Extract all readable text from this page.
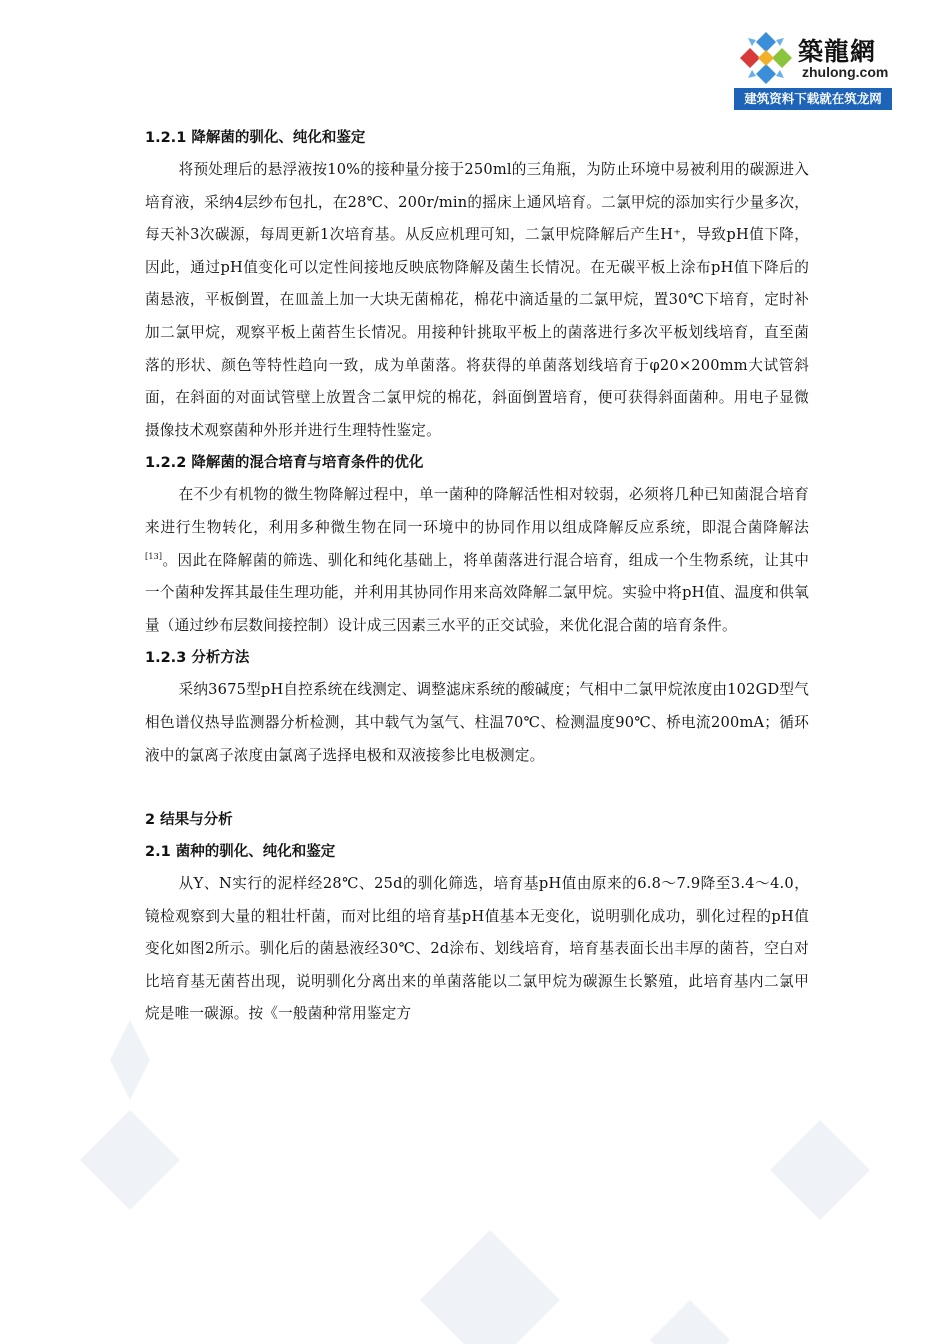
築龍網
zhulong.com
建筑资料下载就在筑龙网
1.2.1 降解菌的驯化、纯化和鉴定

将预处理后的悬浮液按10%的接种量分接于250ml的三角瓶，为防止环境中易被利用的碳源进入培育液，采纳4层纱布包扎，在28℃、200r/min的摇床上通风培育。二氯甲烷的添加实行少量多次，每天补3次碳源，每周更新1次培育基。从反应机理可知，二氯甲烷降解后产生H⁺，导致pH值下降，因此，通过pH值变化可以定性间接地反映底物降解及菌生长情况。在无碳平板上涂布pH值下降后的菌悬液，平板倒置，在皿盖上加一大块无菌棉花，棉花中滴适量的二氯甲烷，置30℃下培育，定时补加二氯甲烷，观察平板上菌苔生长情况。用接种针挑取平板上的菌落进行多次平板划线培育，直至菌落的形状、颜色等特性趋向一致，成为单菌落。将获得的单菌落划线培育于φ20×200mm大试管斜面，在斜面的对面试管壁上放置含二氯甲烷的棉花，斜面倒置培育，便可获得斜面菌种。用电子显微摄像技术观察菌种外形并进行生理特性鉴定。

1.2.2 降解菌的混合培育与培育条件的优化

在不少有机物的微生物降解过程中，单一菌种的降解活性相对较弱，必须将几种已知菌混合培育来进行生物转化，利用多种微生物在同一环境中的协同作用以组成降解反应系统，即混合菌降解法[13]。因此在降解菌的筛选、驯化和纯化基础上，将单菌落进行混合培育，组成一个生物系统，让其中一个菌种发挥其最佳生理功能，并利用其协同作用来高效降解二氯甲烷。实验中将pH值、温度和供氧量（通过纱布层数间接控制）设计成三因素三水平的正交试验，来优化混合菌的培育条件。

1.2.3 分析方法

采纳3675型pH自控系统在线测定、调整滤床系统的酸碱度；气相中二氯甲烷浓度由102GD型气相色谱仪热导监测器分析检测，其中载气为氢气、柱温70℃、检测温度90℃、桥电流200mA；循环液中的氯离子浓度由氯离子选择电极和双液接参比电极测定。

2 结果与分析
2.1 菌种的驯化、纯化和鉴定

从Y、N实行的泥样经28℃、25d的驯化筛选，培育基pH值由原来的6.8～7.9降至3.4～4.0，镜检观察到大量的粗壮杆菌，而对比组的培育基pH值基本无变化，说明驯化成功，驯化过程的pH值变化如图2所示。驯化后的菌悬液经30℃、2d涂布、划线培育，培育基表面长出丰厚的菌苔，空白对比培育基无菌苔出现，说明驯化分离出来的单菌落能以二氯甲烷为碳源生长繁殖，此培育基内二氯甲烷是唯一碳源。按《一般菌种常用鉴定方
